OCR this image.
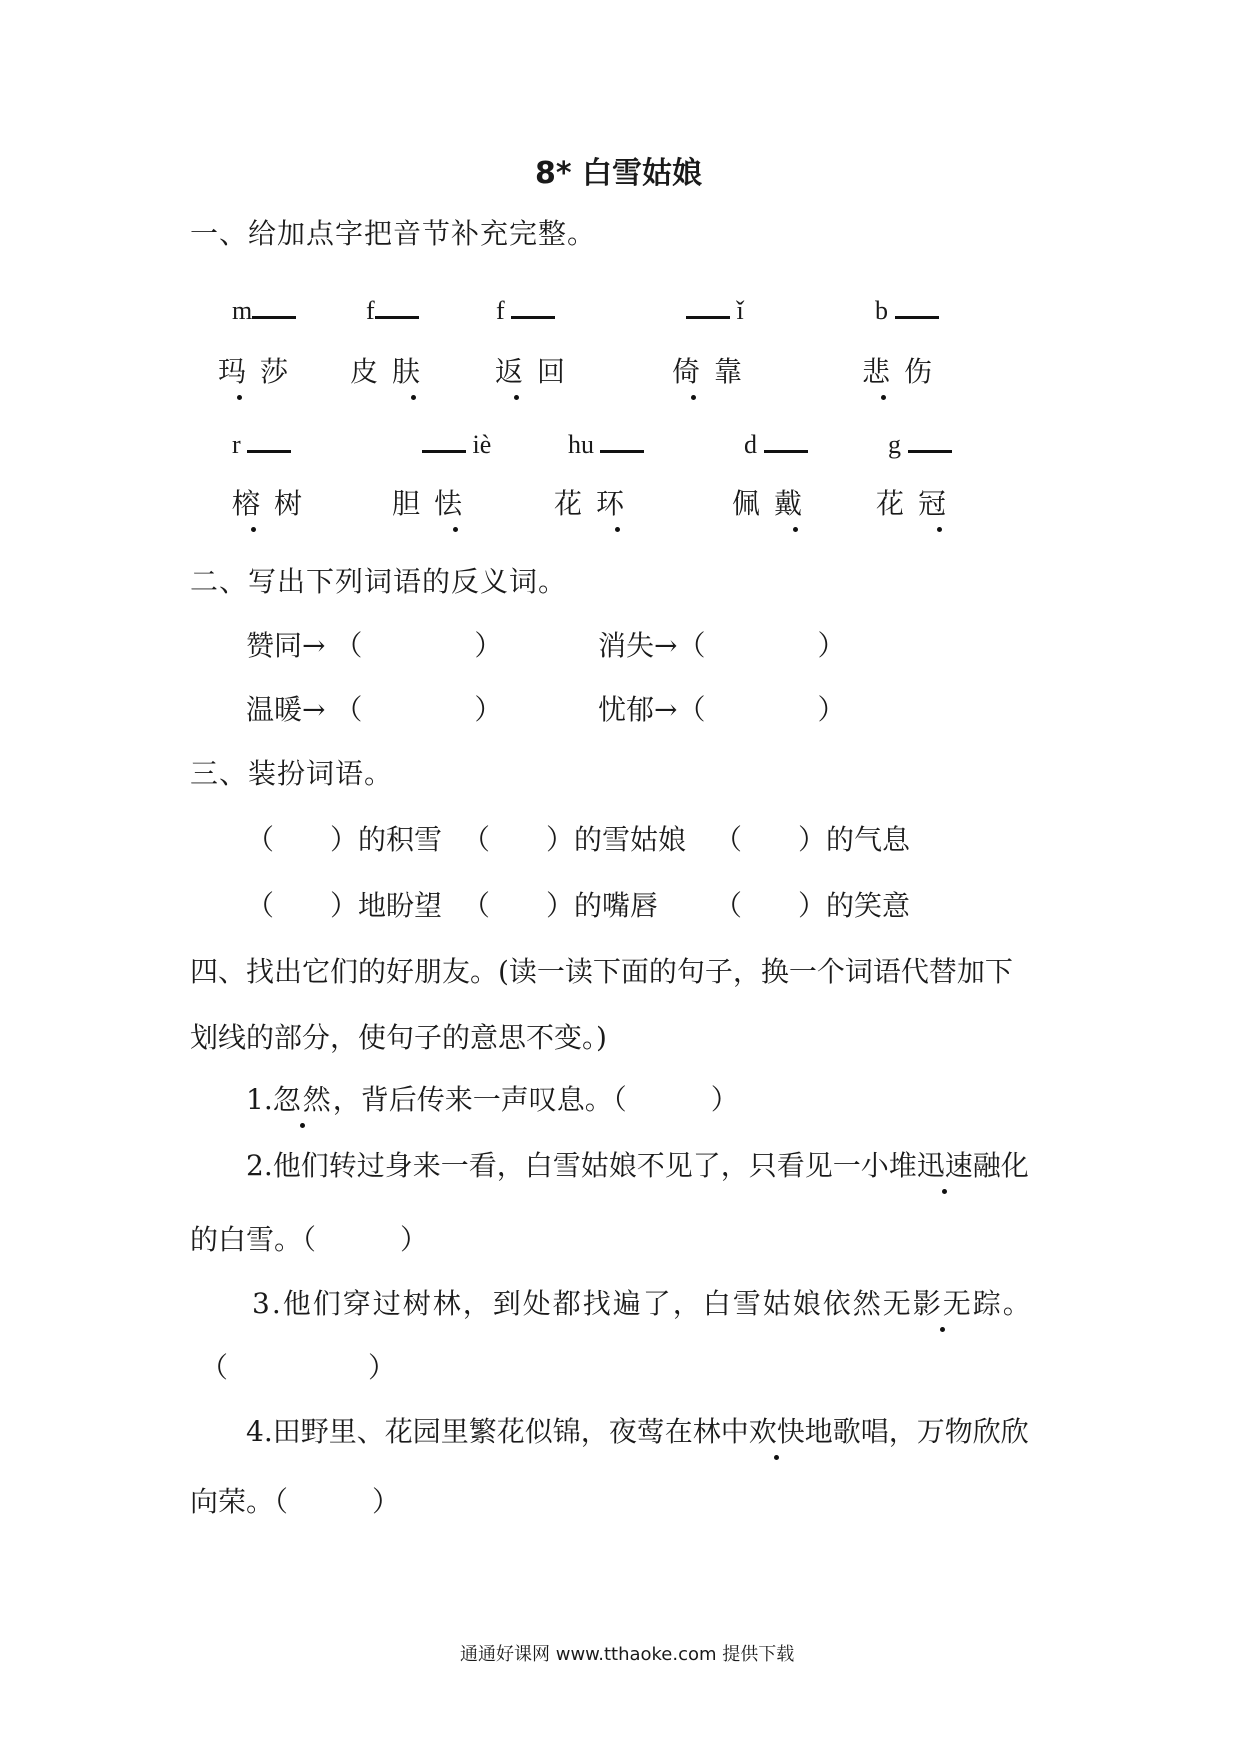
8* 白雪姑娘
一、给加点字把音节补充完整。
m	f	f	ǐ	b
玛莎 皮肤 返回	倚靠	悲伤
r	iè	hu	d	g
榕树	胆怯	花环	佩戴 花冠
二、写出下列词语的反义词。
赞同→ （　　　　）	消失→（　　　　）
温暖→ （　　　　）	忧郁→（　　　　）
三、装扮词语。
（　　）的积雪 （　　）的雪姑娘 （　　）的气息
（　　）地盼望 （　　）的嘴唇 （　　）的笑意
四、找出它们的好朋友。(读一读下面的句子，换一个词语代替加下
划线的部分，使句子的意思不变。)
1.忽然，背后传来一声叹息。（　　　）
2.他们转过身来一看，白雪姑娘不见了，只看见一小堆迅速融化
的白雪。（　　　）
3.他们穿过树林，到处都找遍了，白雪姑娘依然无影无踪。
（　　　　　）
4.田野里、花园里繁花似锦，夜莺在林中欢快地歌唱，万物欣欣
向荣。（　　　）
通通好课网 www.tthaoke.com 提供下载
